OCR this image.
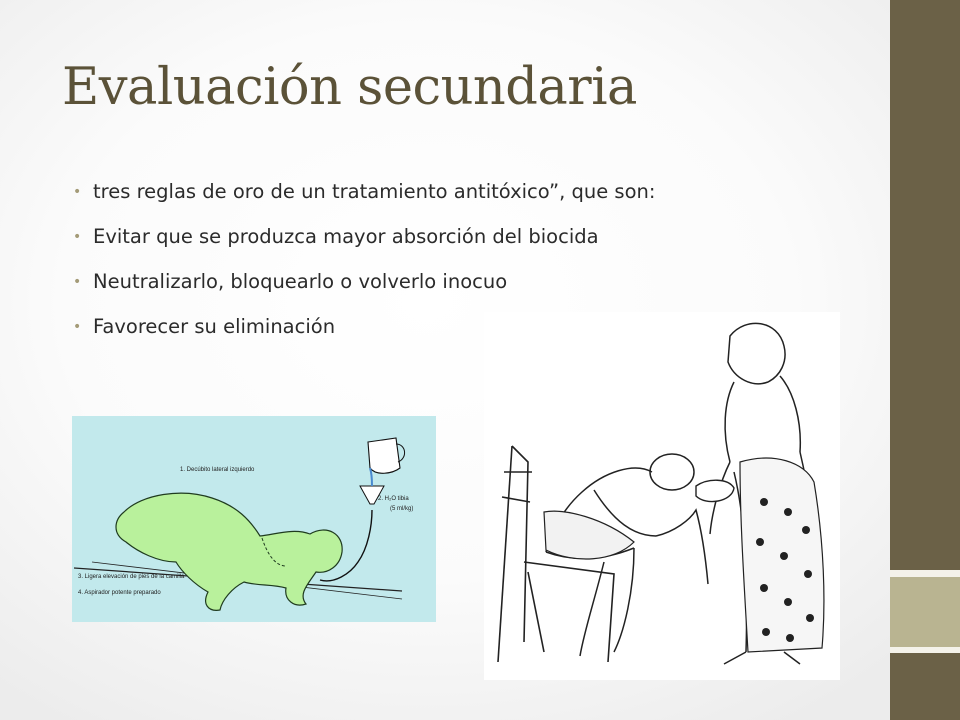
Evaluación secundaria
• tres reglas de oro de un tratamiento antitóxico”, que son:
• Evitar que se produzca mayor absorción del biocida
• Neutralizarlo, bloquearlo o volverlo inocuo
• Favorecer su eliminación
1. Decúbito lateral izquierdo
2. H₂O tibia
(5 ml/kg)
3. Ligera elevación de pies de la camilla
4. Aspirador potente preparado
